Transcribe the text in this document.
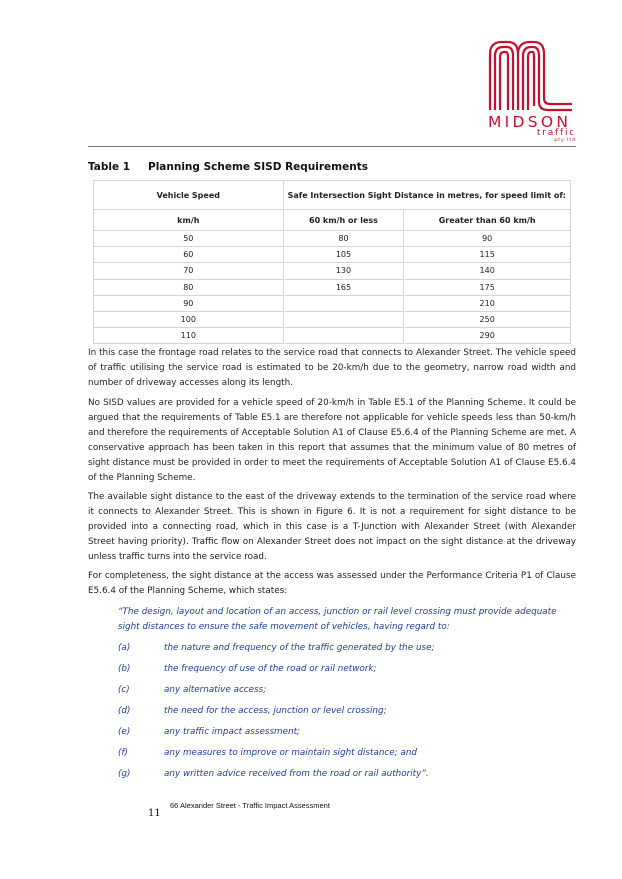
MIDSON
traffic
pty ltd
Table 1 Planning Scheme SISD Requirements
Vehicle Speed	Safe Intersection Sight Distance in metres, for speed limit of:	
km/h	60 km/h or less	Greater than 60 km/h
50	80	90
60	105	115
70	130	140
80	165	175
90		210
100		250
110		290
In this case the frontage road relates to the service road that connects to Alexander Street. The vehicle speed of traffic utilising the service road is estimated to be 20-km/h due to the geometry, narrow road width and number of driveway accesses along its length.
No SISD values are provided for a vehicle speed of 20-km/h in Table E5.1 of the Planning Scheme. It could be argued that the requirements of Table E5.1 are therefore not applicable for vehicle speeds less than 50-km/h and therefore the requirements of Acceptable Solution A1 of Clause E5.6.4 of the Planning Scheme are met. A conservative approach has been taken in this report that assumes that the minimum value of 80 metres of sight distance must be provided in order to meet the requirements of Acceptable Solution A1 of Clause E5.6.4 of the Planning Scheme.
The available sight distance to the east of the driveway extends to the termination of the service road where it connects to Alexander Street. This is shown in Figure 6. It is not a requirement for sight distance to be provided into a connecting road, which in this case is a T-Junction with Alexander Street (with Alexander Street having priority). Traffic flow on Alexander Street does not impact on the sight distance at the driveway unless traffic turns into the service road.
For completeness, the sight distance at the access was assessed under the Performance Criteria P1 of Clause E5.6.4 of the Planning Scheme, which states:
“The design, layout and location of an access, junction or rail level crossing must provide adequate sight distances to ensure the safe movement of vehicles, having regard to:
(a)	the nature and frequency of the traffic generated by the use;
(b)	the frequency of use of the road or rail network;
(c)	any alternative access;
(d)	the need for the access, junction or level crossing;
(e)	any traffic impact assessment;
(f)	any measures to improve or maintain sight distance; and
(g)	any written advice received from the road or rail authority”.
11
66 Alexander Street - Traffic Impact Assessment
